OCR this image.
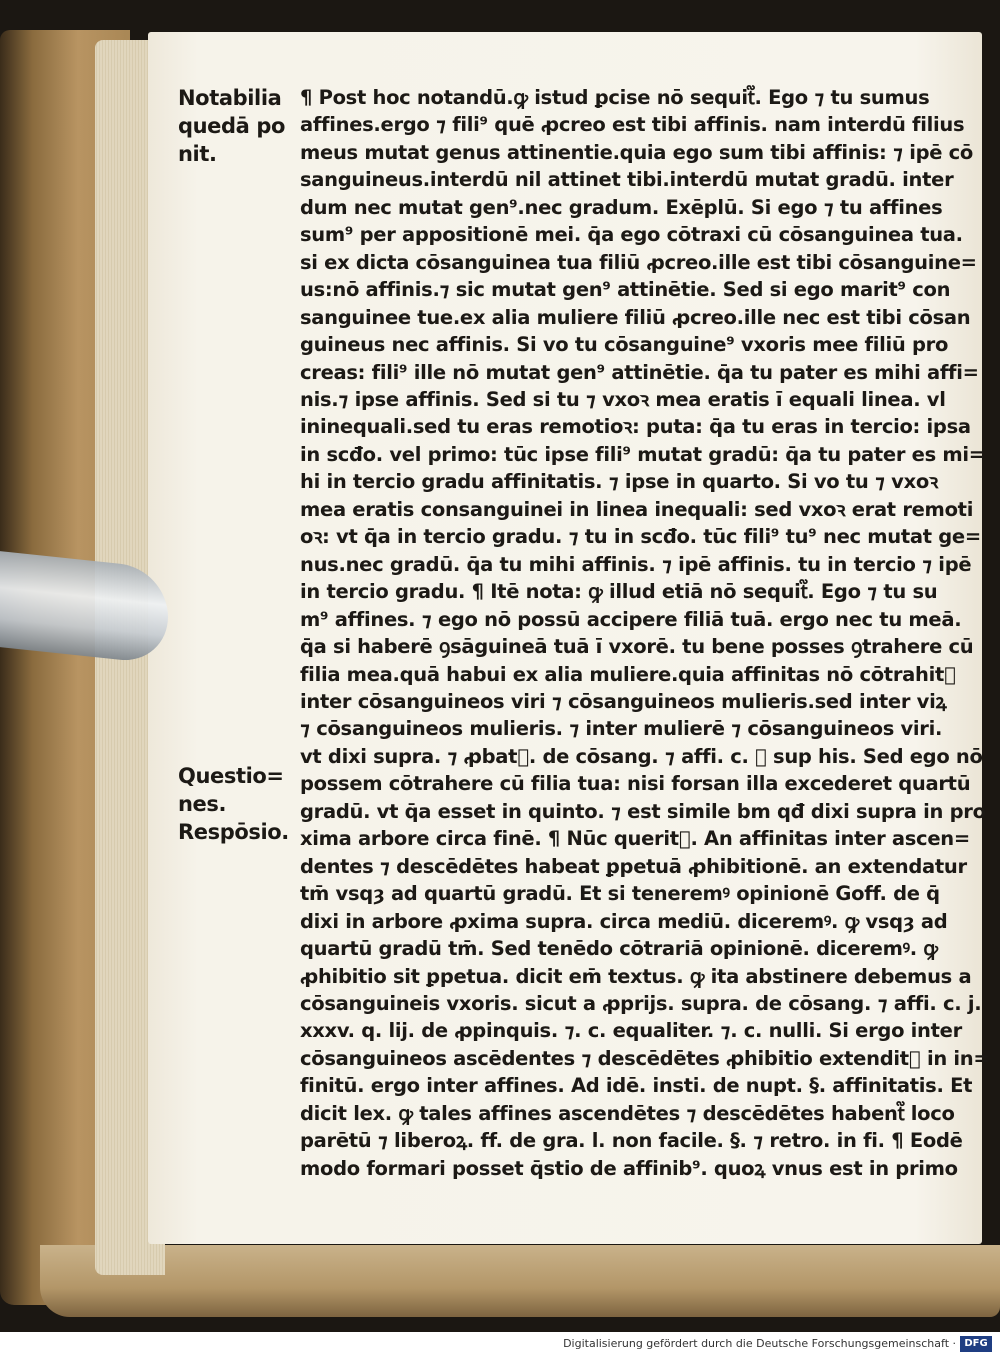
Notabilia
quedā po
nit.
Questio=
nes.
Respōsio.
¶ Post hoc notandū.ꝙ istud ꝑcise nō sequit᷑. Ego ⁊ tu sumus
affines.ergo ⁊ fili⁹ quē ꝓcreo est tibi affinis. nam interdū filius
meus mutat genus attinentie.quia ego sum tibi affinis: ⁊ ipē cō
sanguineus.interdū nil attinet tibi.interdū mutat gradū. inter
dum nec mutat gen⁹.nec gradum. Exēplū. Si ego ⁊ tu affines
sum⁹ per appositionē mei. q̄a ego cōtraxi cū cōsanguinea tua.
si ex dicta cōsanguinea tua filiū ꝓcreo.ille est tibi cōsanguine=
us:nō affinis.⁊ sic mutat gen⁹ attinētie. Sed si ego marit⁹ con
sanguinee tue.ex alia muliere filiū ꝓcreo.ille nec est tibi cōsan
guineus nec affinis. Si vo tu cōsanguine⁹ vxoris mee filiū pro
creas: fili⁹ ille nō mutat gen⁹ attinētie. q̄a tu pater es mihi affi=
nis.⁊ ipse affinis. Sed si tu ⁊ vxoꝛ mea eratis ī equali linea. vl
ininequali.sed tu eras remotioꝛ: puta: q̄a tu eras in tercio: ipsa
in scđo. vel primo: tūc ipse fili⁹ mutat gradū: q̄a tu pater es mi=
hi in tercio gradu affinitatis. ⁊ ipse in quarto. Si vo tu ⁊ vxoꝛ
mea eratis consanguinei in linea inequali: sed vxoꝛ erat remoti
oꝛ: vt q̄a in tercio gradu. ⁊ tu in scđo. tūc fili⁹ tu⁹ nec mutat ge=
nus.nec gradū. q̄a tu mihi affinis. ⁊ ipē affinis. tu in tercio ⁊ ipē
in tercio gradu. ¶ Itē nota: ꝙ illud etiā nō sequit᷑. Ego ⁊ tu su
m⁹ affines. ⁊ ego nō possū accipere filiā tuā. ergo nec tu meā.
q̄a si haberē ꝯsāguineā tuā ī vxorē. tu bene posses ꝯtrahere cū
filia mea.quā habui ex alia muliere.quia affinitas nō cōtrahit᷑
inter cōsanguineos viri ⁊ cōsanguineos mulieris.sed inter viꝝ
⁊ cōsanguineos mulieris. ⁊ inter mulierē ⁊ cōsanguineos viri.
vt dixi supra. ⁊ ꝓbat᷑. de cōsang. ⁊ affi. c. ꝙ sup his. Sed ego nō
possem cōtrahere cū filia tua: nisi forsan illa excederet quartū
gradū. vt q̄a esset in quinto. ⁊ est simile bm qđ dixi supra in pro
xima arbore circa finē. ¶ Nūc querit᷑. An affinitas inter ascen=
dentes ⁊ descēdētes habeat ꝑpetuā ꝓhibitionē. an extendatur
tm̄ vsqȝ ad quartū gradū. Et si teneremꝰ opinionē Goff. de q̄
dixi in arbore ꝓxima supra. circa mediū. diceremꝰ. ꝙ vsqȝ ad
quartū gradū tm̄. Sed tenēdo cōtrariā opinionē. diceremꝰ. ꝙ
ꝓhibitio sit ꝑpetua. dicit em̄ textus. ꝙ ita abstinere debemus a
cōsanguineis vxoris. sicut a ꝓprijs. supra. de cōsang. ⁊ affi. c. j.
xxxv. q. lij. de ꝓpinquis. ⁊. c. equaliter. ⁊. c. nulli. Si ergo inter
cōsanguineos ascēdentes ⁊ descēdētes ꝓhibitio extendit᷑ in in=
finitū. ergo inter affines. Ad idē. insti. de nupt. §. affinitatis. Et
dicit lex. ꝙ tales affines ascendētes ⁊ descēdētes habent᷑ loco
parētū ⁊ liberoꝝ. ff. de gra. l. non facile. §. ⁊ retro. in fi. ¶ Eodē
modo formari posset q̄stio de affinib⁹. quoꝝ vnus est in primo
Digitalisierung gefördert durch die Deutsche Forschungsgemeinschaft · DFG
